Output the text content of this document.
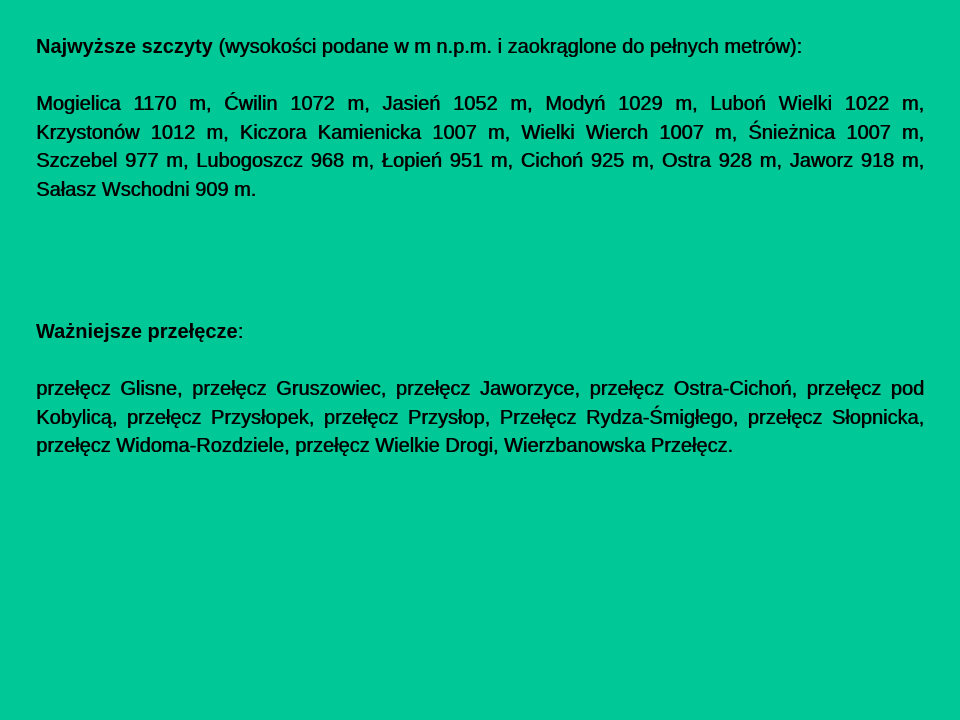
Najwyższe szczyty (wysokości podane w m n.p.m. i zaokrąglone do pełnych metrów):

Mogielica 1170 m, Ćwilin 1072 m, Jasień 1052 m, Modyń 1029 m, Luboń Wielki 1022 m, Krzystonów 1012 m, Kiczora Kamienicka 1007 m, Wielki Wierch 1007 m, Śnieżnica 1007 m, Szczebel 977 m, Lubogoszcz 968 m, Łopień 951 m, Cichoń 925 m, Ostra 928 m, Jaworz 918 m, Sałasz Wschodni 909 m.

Ważniejsze przełęcze:

przełęcz Glisne, przełęcz Gruszowiec, przełęcz Jaworzyce, przełęcz Ostra-Cichoń, przełęcz pod Kobylicą, przełęcz Przysłopek, przełęcz Przysłop, Przełęcz Rydza-Śmigłego, przełęcz Słopnicka, przełęcz Widoma-Rozdziele, przełęcz Wielkie Drogi, Wierzbanowska Przełęcz.
